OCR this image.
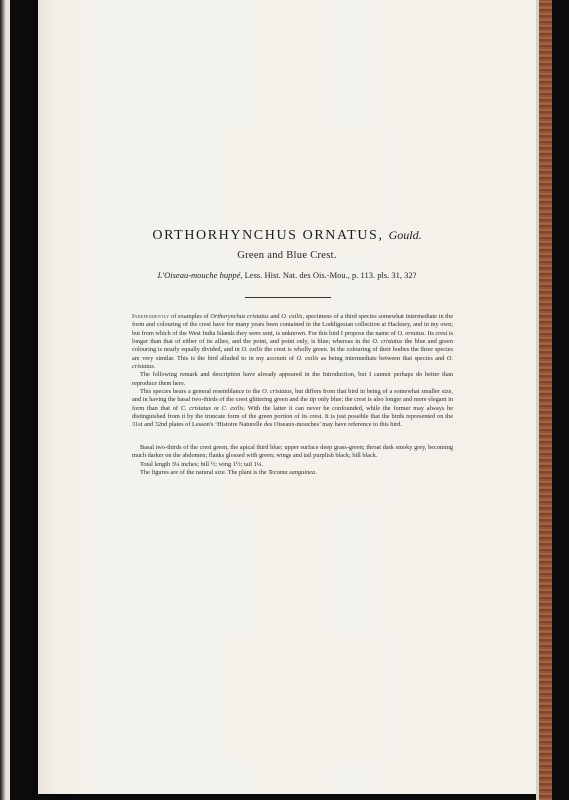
ORTHORHYNCHUS ORNATUS, Gould.
Green and Blue Crest.
L'Oiseau-mouche huppé, Less. Hist. Nat. des Ois.-Mou., p. 113. pls. 31, 32?

Independently of examples of Orthorynchus cristatus and O. exilis, specimens of a third species somewhat intermediate in the form and colouring of the crest have for many years been contained in the Loddigesian collection at Hackney, and in my own; but from which of the West India Islands they were sent, is unknown. For this bird I propose the name of O. ornatus. Its crest is longer than that of either of its allies, and the point, and point only, is blue; whereas in the O. cristatus the blue and green colouring is nearly equally divided, and in O. exilis the crest is wholly green. In the colouring of their bodies the three species are very similar. This is the bird alluded to in my account of O. exilis as being intermediate between that species and O. cristatus.

The following remark and description have already appeared in the Introduction, but I cannot perhaps do better than reproduce them here.

This species bears a general resemblance to the O. cristatus, but differs from that bird in being of a somewhat smaller size, and in having the basal two-thirds of the crest glittering green and the tip only blue; the crest is also longer and more elegant in form than that of C. cristatus or C. exilis. With the latter it can never be confounded, while the former may always be distinguished from it by the truncate form of the green portion of its crest. It is just possible that the birds represented on the 31st and 32nd plates of Lesson's ‘Histoire Naturelle des Oiseaux-mouches’ may have reference to this bird.

Basal two-thirds of the crest green, the apical third blue; upper surface deep grass-green; throat dark smoky grey, becoming much darker on the abdomen; flanks glossed with green; wings and tail purplish black; bill black.

Total length 3¼ inches; bill ½; wing 1½; tail 1¼.

The figures are of the natural size. The plant is the Tecoma sanguinea.
